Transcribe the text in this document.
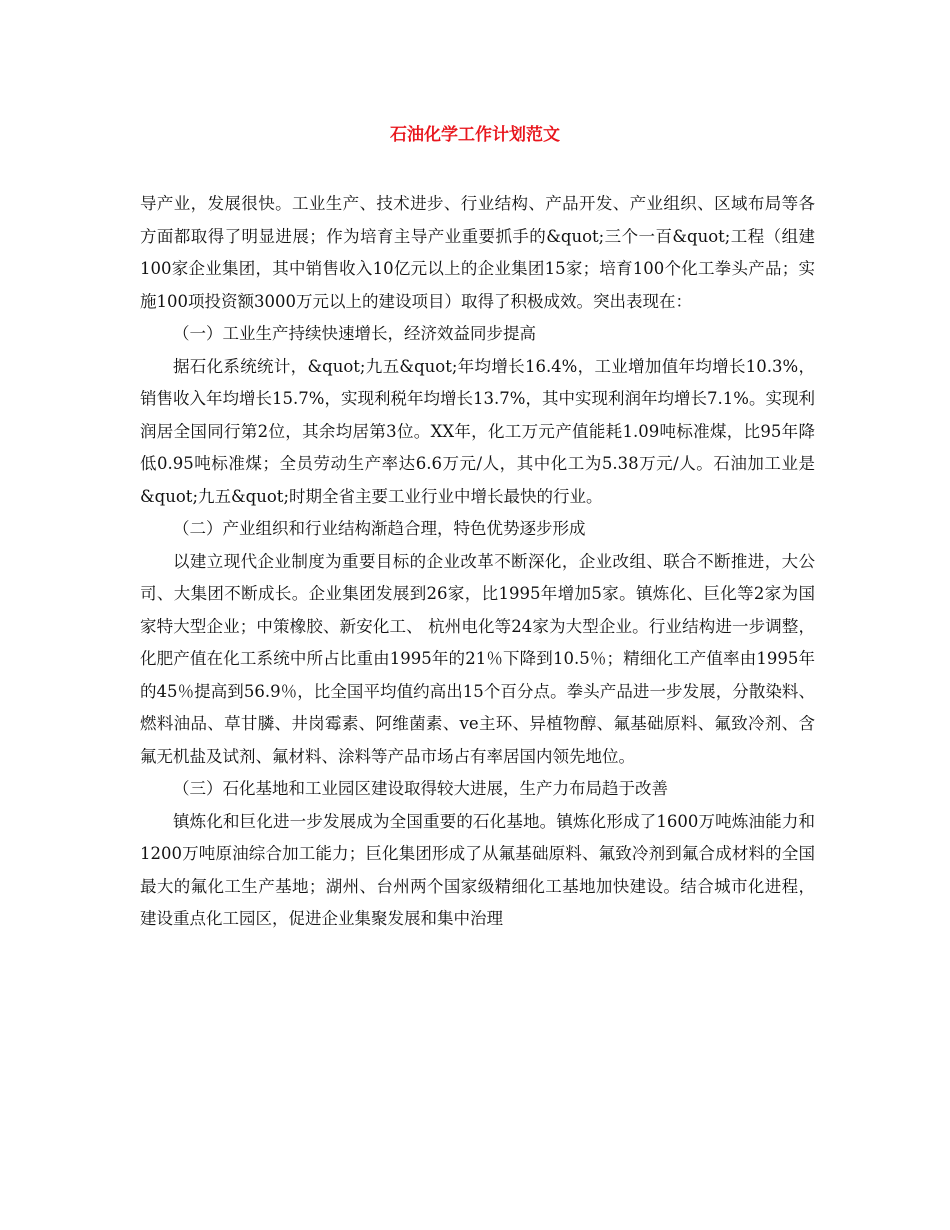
石油化学工作计划范文

导产业，发展很快。工业生产、技术进步、行业结构、产品开发、产业组织、区域布局等各方面都取得了明显进展；作为培育主导产业重要抓手的&quot;三个一百&quot;工程（组建100家企业集团，其中销售收入10亿元以上的企业集团15家；培育100个化工拳头产品；实施100项投资额3000万元以上的建设项目）取得了积极成效。突出表现在：

（一）工业生产持续快速增长，经济效益同步提高

据石化系统统计，&quot;九五&quot;年均增长16.4%，工业增加值年均增长10.3%，销售收入年均增长15.7%，实现利税年均增长13.7%，其中实现利润年均增长7.1%。实现利润居全国同行第2位，其余均居第3位。XX年，化工万元产值能耗1.09吨标准煤，比95年降低0.95吨标准煤；全员劳动生产率达6.6万元/人，其中化工为5.38万元/人。石油加工业是&quot;九五&quot;时期全省主要工业行业中增长最快的行业。

（二）产业组织和行业结构渐趋合理，特色优势逐步形成

以建立现代企业制度为重要目标的企业改革不断深化，企业改组、联合不断推进，大公司、大集团不断成长。企业集团发展到26家，比1995年增加5家。镇炼化、巨化等2家为国家特大型企业；中策橡胶、新安化工、 杭州电化等24家为大型企业。行业结构进一步调整，化肥产值在化工系统中所占比重由1995年的21％下降到10.5％；精细化工产值率由1995年的45％提高到56.9％，比全国平均值约高出15个百分点。拳头产品进一步发展，分散染料、燃料油品、草甘膦、井岗霉素、阿维菌素、ve主环、异植物醇、氟基础原料、氟致冷剂、含氟无机盐及试剂、氟材料、涂料等产品市场占有率居国内领先地位。

（三）石化基地和工业园区建设取得较大进展，生产力布局趋于改善

镇炼化和巨化进一步发展成为全国重要的石化基地。镇炼化形成了1600万吨炼油能力和1200万吨原油综合加工能力；巨化集团形成了从氟基础原料、氟致冷剂到氟合成材料的全国最大的氟化工生产基地；湖州、台州两个国家级精细化工基地加快建设。结合城市化进程，建设重点化工园区，促进企业集聚发展和集中治理
